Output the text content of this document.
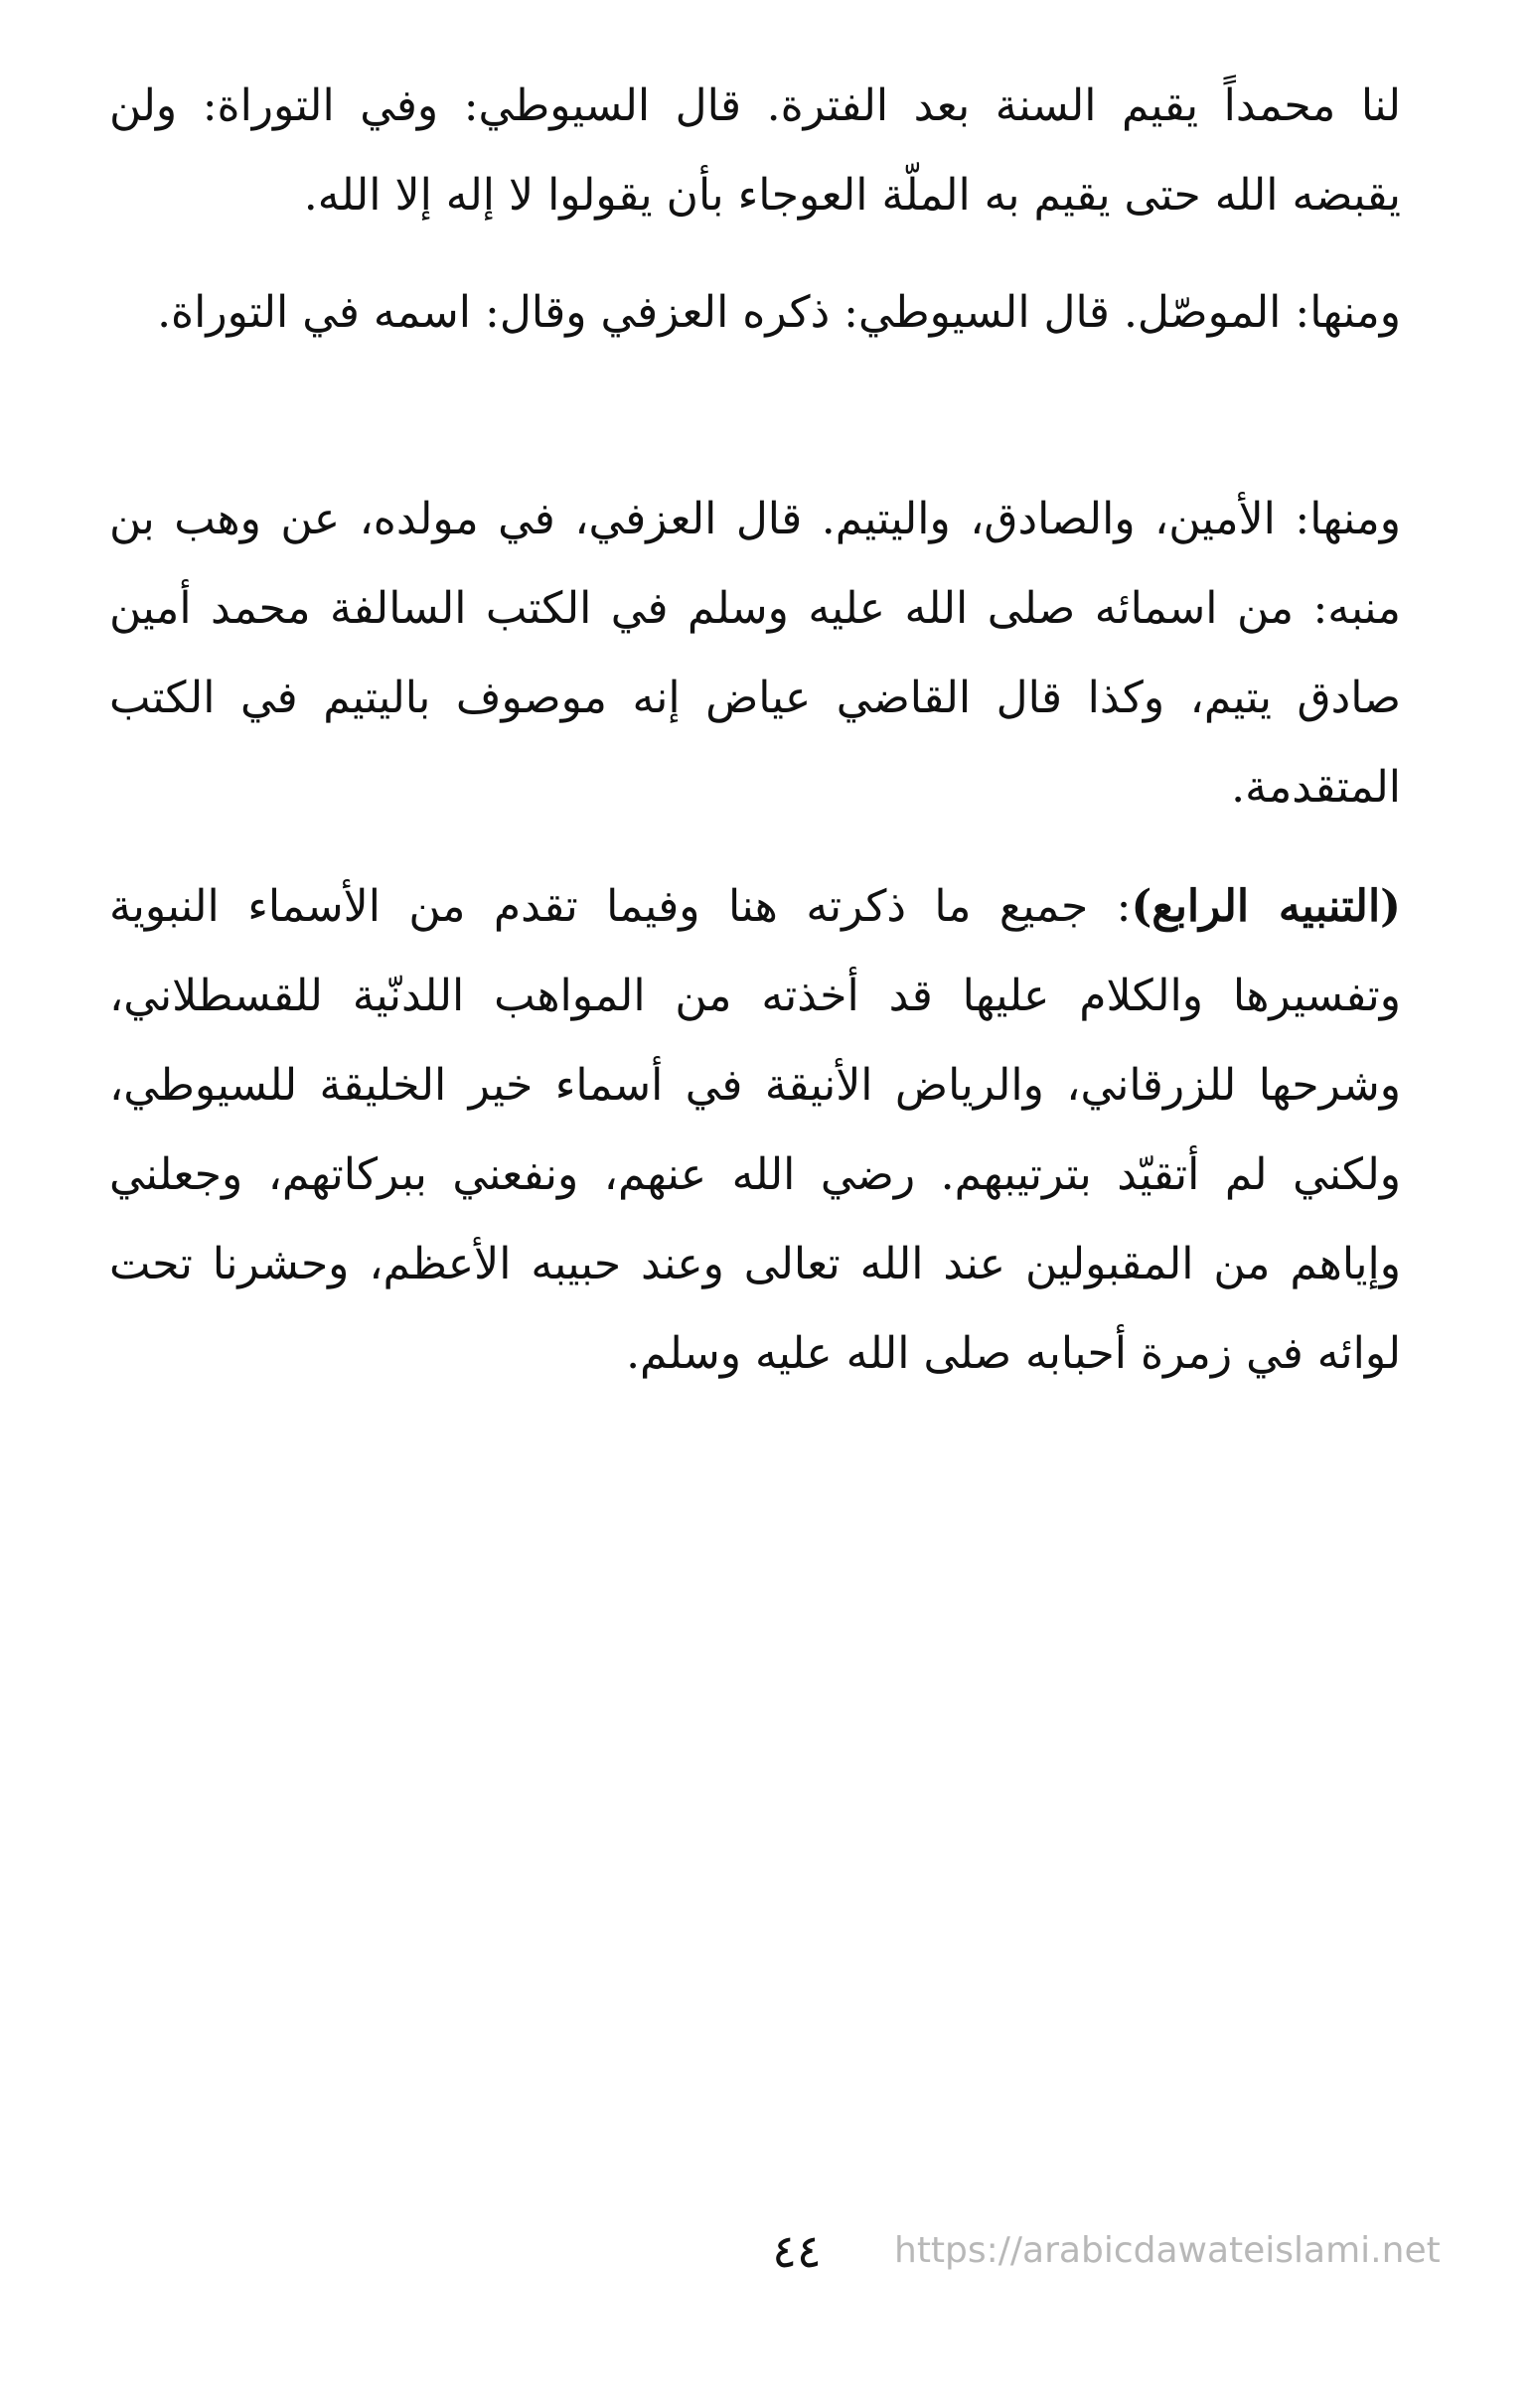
لنا محمداً يقيم السنة بعد الفترة. قال السيوطي: وفي التوراة: ولن يقبضه الله حتى يقيم به الملّة العوجاء بأن يقولوا لا إله إلا الله.

ومنها: الموصّل. قال السيوطي: ذكره العزفي وقال: اسمه في التوراة.

ومنها: الأمين، والصادق، واليتيم. قال العزفي، في مولده، عن وهب بن منبه: من اسمائه صلى الله عليه وسلم في الكتب السالفة محمد أمين صادق يتيم، وكذا قال القاضي عياض إنه موصوف باليتيم في الكتب المتقدمة.

(التنبيه الرابع): جميع ما ذكرته هنا وفيما تقدم من الأسماء النبوية وتفسيرها والكلام عليها قد أخذته من المواهب اللدنّية للقسطلاني، وشرحها للزرقاني، والرياض الأنيقة في أسماء خير الخليقة للسيوطي، ولكني لم أتقيّد بترتيبهم. رضي الله عنهم، ونفعني ببركاتهم، وجعلني وإياهم من المقبولين عند الله تعالى وعند حبيبه الأعظم، وحشرنا تحت لوائه في زمرة أحبابه صلى الله عليه وسلم.

٤٤ https://arabicdawateislami.net
